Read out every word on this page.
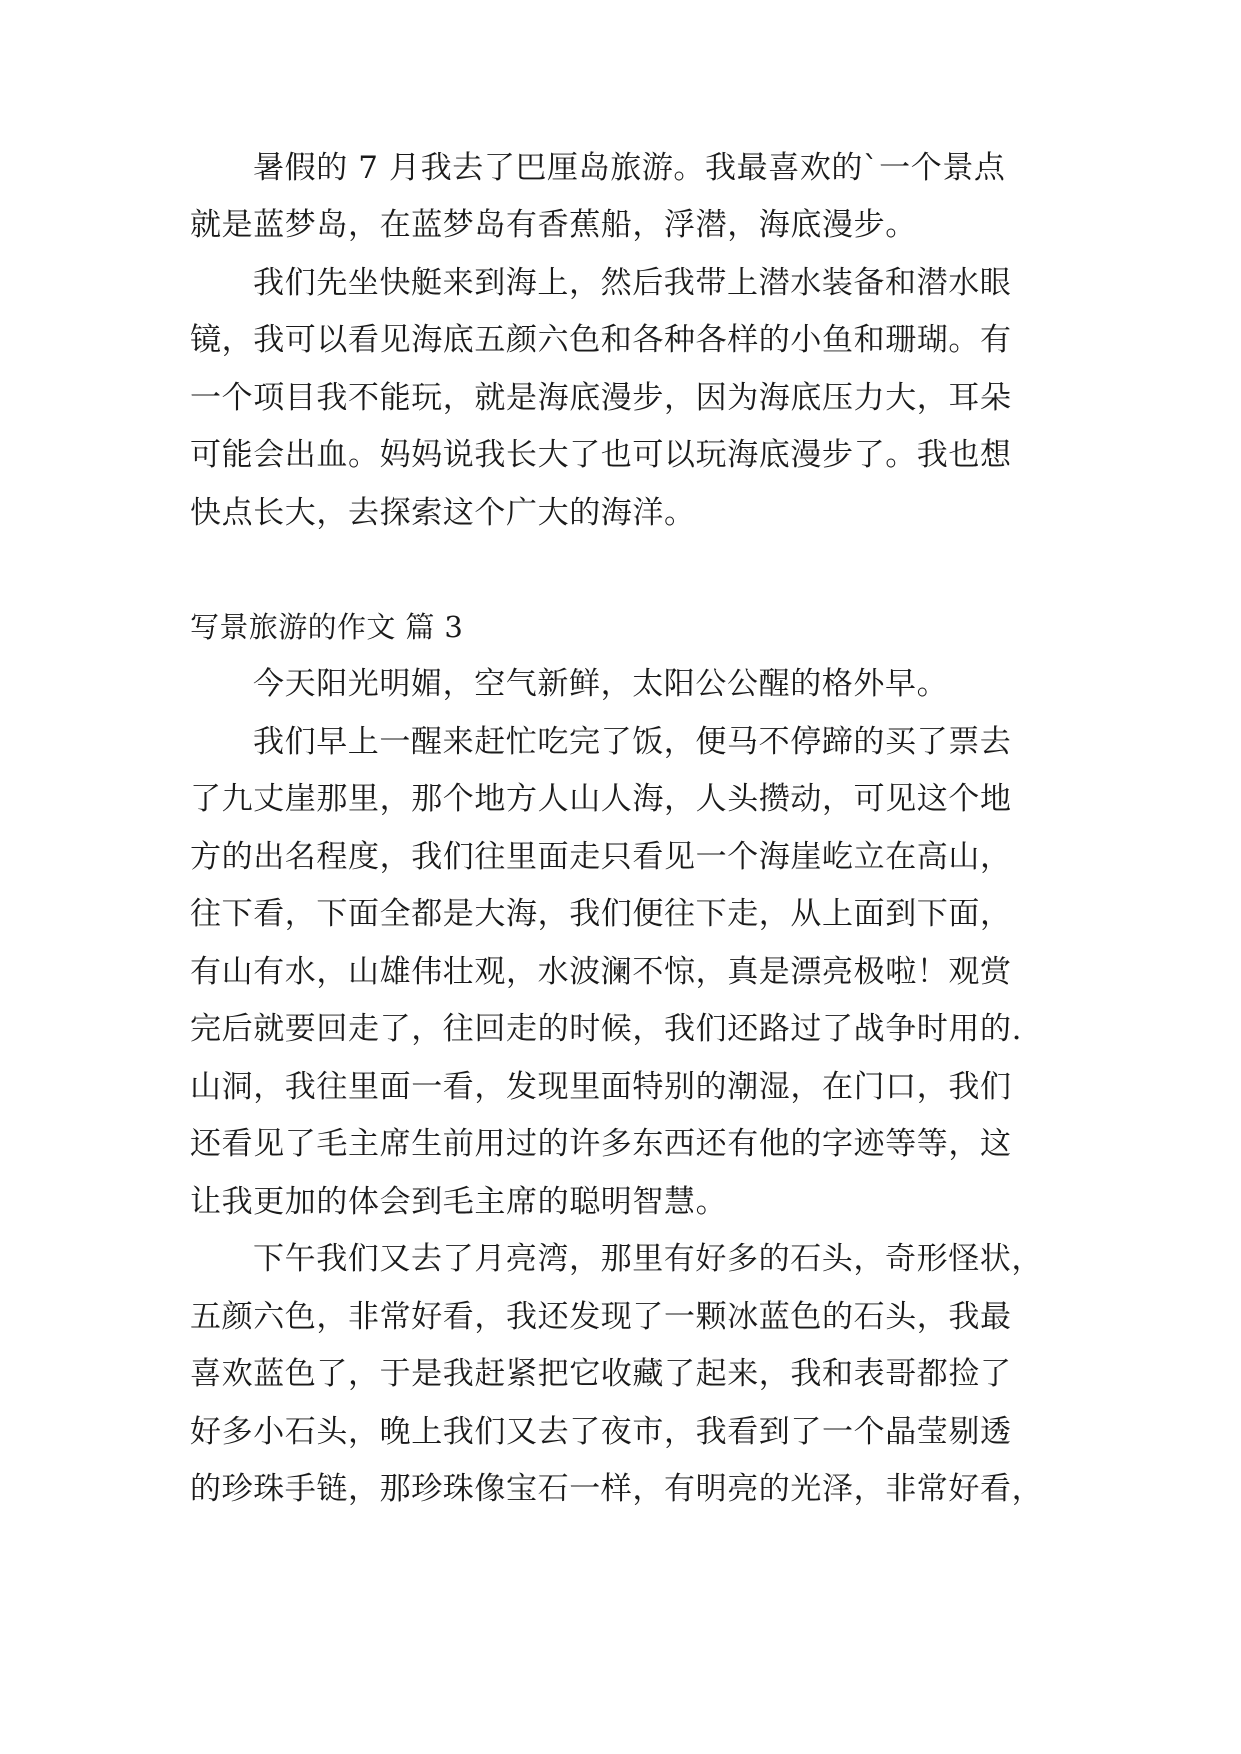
暑假的 7 月我去了巴厘岛旅游。我最喜欢的`一个景点
就是蓝梦岛，在蓝梦岛有香蕉船，浮潜，海底漫步。
我们先坐快艇来到海上，然后我带上潜水装备和潜水眼
镜，我可以看见海底五颜六色和各种各样的小鱼和珊瑚。有
一个项目我不能玩，就是海底漫步，因为海底压力大，耳朵
可能会出血。妈妈说我长大了也可以玩海底漫步了。我也想
快点长大，去探索这个广大的海洋。
写景旅游的作文 篇 3
今天阳光明媚，空气新鲜，太阳公公醒的格外早。
我们早上一醒来赶忙吃完了饭，便马不停蹄的买了票去
了九丈崖那里，那个地方人山人海，人头攒动，可见这个地
方的出名程度，我们往里面走只看见一个海崖屹立在高山，
往下看，下面全都是大海，我们便往下走，从上面到下面，
有山有水，山雄伟壮观，水波澜不惊，真是漂亮极啦！观赏
完后就要回走了，往回走的时候，我们还路过了战争时用的.
山洞，我往里面一看，发现里面特别的潮湿，在门口，我们
还看见了毛主席生前用过的许多东西还有他的字迹等等，这
让我更加的体会到毛主席的聪明智慧。
下午我们又去了月亮湾，那里有好多的石头，奇形怪状，
五颜六色，非常好看，我还发现了一颗冰蓝色的石头，我最
喜欢蓝色了，于是我赶紧把它收藏了起来，我和表哥都捡了
好多小石头，晚上我们又去了夜市，我看到了一个晶莹剔透
的珍珠手链，那珍珠像宝石一样，有明亮的光泽，非常好看，
